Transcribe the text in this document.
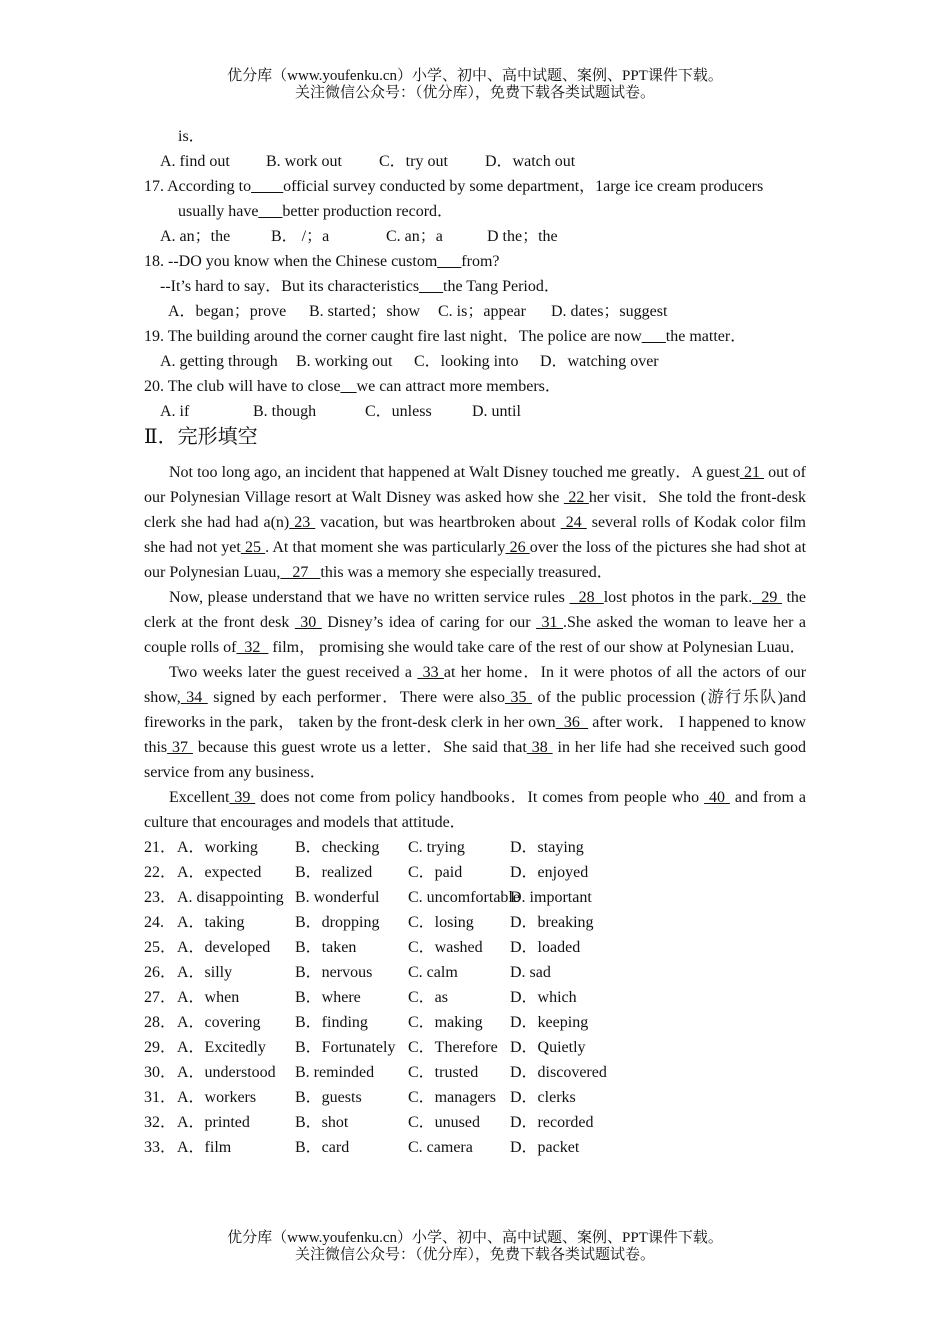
优分库（www.youfenku.cn）小学、初中、高中试题、案例、PPT课件下载。
关注微信公众号：（优分库），免费下载各类试题试卷。
is．
A. find out B. work out C．try out D．watch out
17. According to____official survey conducted by some department，1arge ice cream producers
usually have___better production record．
A. an；the	B． /；a	C. an；a	D the；the
18. --DO you know when the Chinese custom___from?
--It’s hard to say．But its characteristics___the Tang Period．
A．began；prove B. started；show C. is；appear D. dates；suggest
19. The building around the corner caught fire last night．The police are now___the matter．
A. getting through B. working out C．looking into D．watching over
20. The club will have to close__we can attract more members．
A. if	B. though	C．unless	D. until
Ⅱ．完形填空
Not too long ago, an incident that happened at Walt Disney touched me greatly．A guest 21  out of our Polynesian Village resort at Walt Disney was asked how she  22 her visit．She told the front-desk clerk she had had a(n) 23  vacation, but was heartbroken about  24  several rolls of Kodak color film she had not yet 25 . At that moment she was particularly 26 over the loss of the pictures she had shot at our Polynesian Luau,   27   this was a memory she especially treasured．
Now, please understand that we have no written service rules   28  lost photos in the park.  29  the clerk at the front desk  30  Disney’s idea of caring for our  31 .She asked the woman to leave her a couple rolls of  32   film， promising she would take care of the rest of our show at Polynesian Luau．
Two weeks later the guest received a  33 at her home．In it were photos of all the actors of our show, 34  signed by each performer．There were also 35  of the public procession (游行乐队)and fireworks in the park， taken by the front-desk clerk in her own  36   after work． I happened to know this 37  because this guest wrote us a letter．She said that 38  in her life had she received such good service from any business．
Excellent 39  does not come from policy handbooks．It comes from people who  40  and from a culture that encourages and models that attitude．
21．A．working B．checking C. trying	D．staying
22．A．expected B．realized C．paid	D．enjoyed
23．A. disappointing B. wonderful C. uncomfortableD. important
24.A．taking	B．dropping C．losing D．breaking
25．A．developed B．taken	C．washed D．loaded
26．A．silly	B．nervous C. calm	D. sad
27．A．when	B．where	C．as	D．which
28．A．covering B．finding	C．making D．keeping
29．A．Excitedly B．Fortunately C．Therefore D．Quietly
30．A．understood B. reminded C．trusted D．discovered
31．A．workers B．guests	C．managers D．clerks
32．A．printed	B．shot	C．unused D．recorded
33．A．film	B．card	C. camera D．packet
优分库（www.youfenku.cn）小学、初中、高中试题、案例、PPT课件下载。
关注微信公众号：（优分库），免费下载各类试题试卷。
